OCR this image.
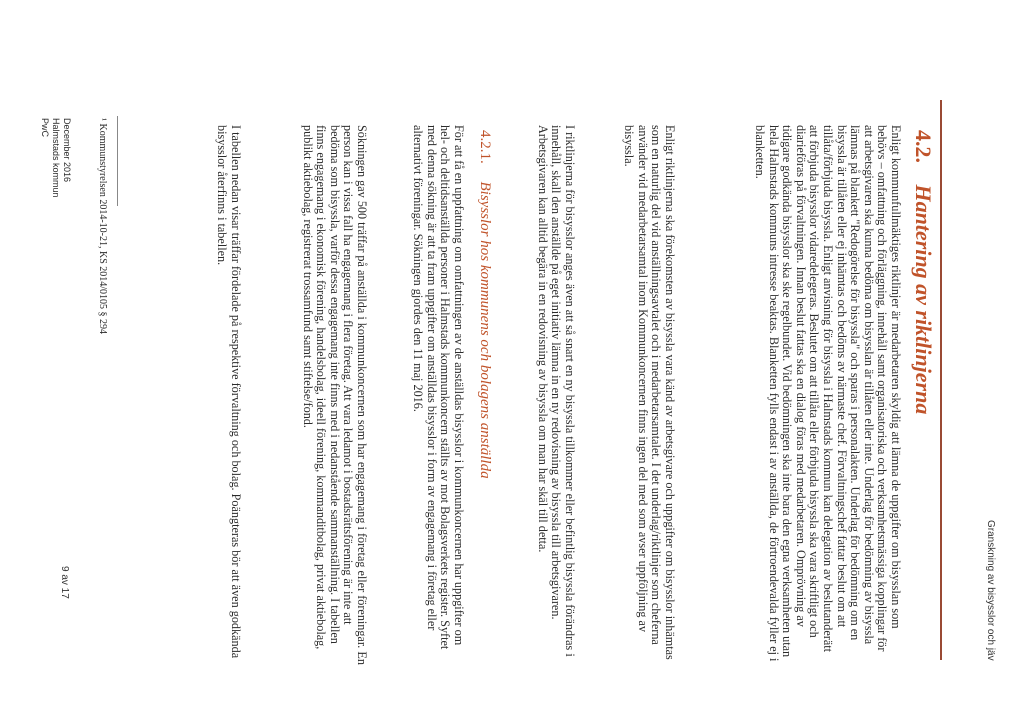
Granskning av bisysslor och jäv
4.2. Hantering av riktlinjerna
Enligt kommunfullmäktiges riktlinjer är medarbetaren skyldig att lämna de uppgifter om bisysslan som behövs – omfattning och förläggning, innehåll samt organisatoriska och verksamhetsmässiga kopplingar för att arbetsgivaren ska kunna bedöma om bisysslan är tillåten eller inte. Underlag för bedömning av bisyssla lämnas på blankett "Redogörelse för bisyssla" och sparas i personalakten. Underlag för bedömning om en bisyssla är tillåten eller ej inhämtas och bedöms av närmaste chef. Förvaltningschef fattar beslut om att tillåta/förbjuda bisyssla. Enligt anvisning för bisyssla i Halmstads kommun kan delegation av beslutanderätt att förbjuda bisysslor vidaredelegeras. Beslutet om att tillåta eller förbjuda bisyssla ska vara skriftligt och diarieföras på förvaltningen. Innan beslut fattas ska en dialog föras med medarbetaren. Omprövning av tidigare godkända bisysslor ska ske regelbundet. Vid bedömningen ska inte bara den egna verksamheten utan hela Halmstads kommuns intresse beaktas. Blanketten fylls endast i av anställda, de förtroendevalda fyller ej i blanketten.
Enligt riktlinjerna ska förekomsten av bisyssla vara känd av arbetsgivare och uppgifter om bisysslor inhämtas som en naturlig del vid anställningsavtalet och i medarbetarsamtalet. I det underlag/riktlinjer som cheferna använder vid medarbetarsamtal inom Kommunkoncernen finns ingen del med som avser uppföljning av bisyssla.
I riktlinjerna för bisysslor anges även att så snart en ny bisyssla tillkommer eller befintlig bisyssla förändras i innehåll, skall den anställde på eget initiativ lämna in en ny redovisning av bisyssla till arbetsgivaren. Arbetsgivaren kan alltid begära in en redovisning av bisyssla om man har skäl till detta.
4.2.1. Bisysslor hos kommunens och bolagens anställda
För att få en uppfattning om omfattningen av de anställdas bisysslor i kommunkoncernen har uppgifter om hel- och deltidsanställda personer i Halmstads kommunkoncern ställts av mot Bolagsverkets register. Syftet med denna sökning är att ta fram uppgifter om anställdas bisysslor i form av engagemang i företag eller alternativt föreningar. Sökningen gjordes den 11 maj 2016.
Sökningen gav 500 träffar på anställda i kommunkoncernen som har engagemang i företag eller föreningar. En person kan i vissa fall ha engagemang i flera företag. Att vara ledamot i bostadsrättsförening är inte att bedöma som bisyssla, varför dessa engagemang inte finns med i nedanstående sammanställning. I tabellen finns engagemang i ekonomisk förening, handelsbolag, ideell förening, kommanditbolag, privat aktiebolag, publikt aktiebolag, registrerat trossamfund samt stiftelse/fond.
I tabellen nedan visar träffar fördelade på respektive förvaltning och bolag. Poängteras bör att även godkända bisysslor återfinns i tabellen.
¹ Kommunstyrelsen 2014-10-21, KS 2014/0105 § 294
December 2016
Halmstads kommun
PwC
9 av 17
